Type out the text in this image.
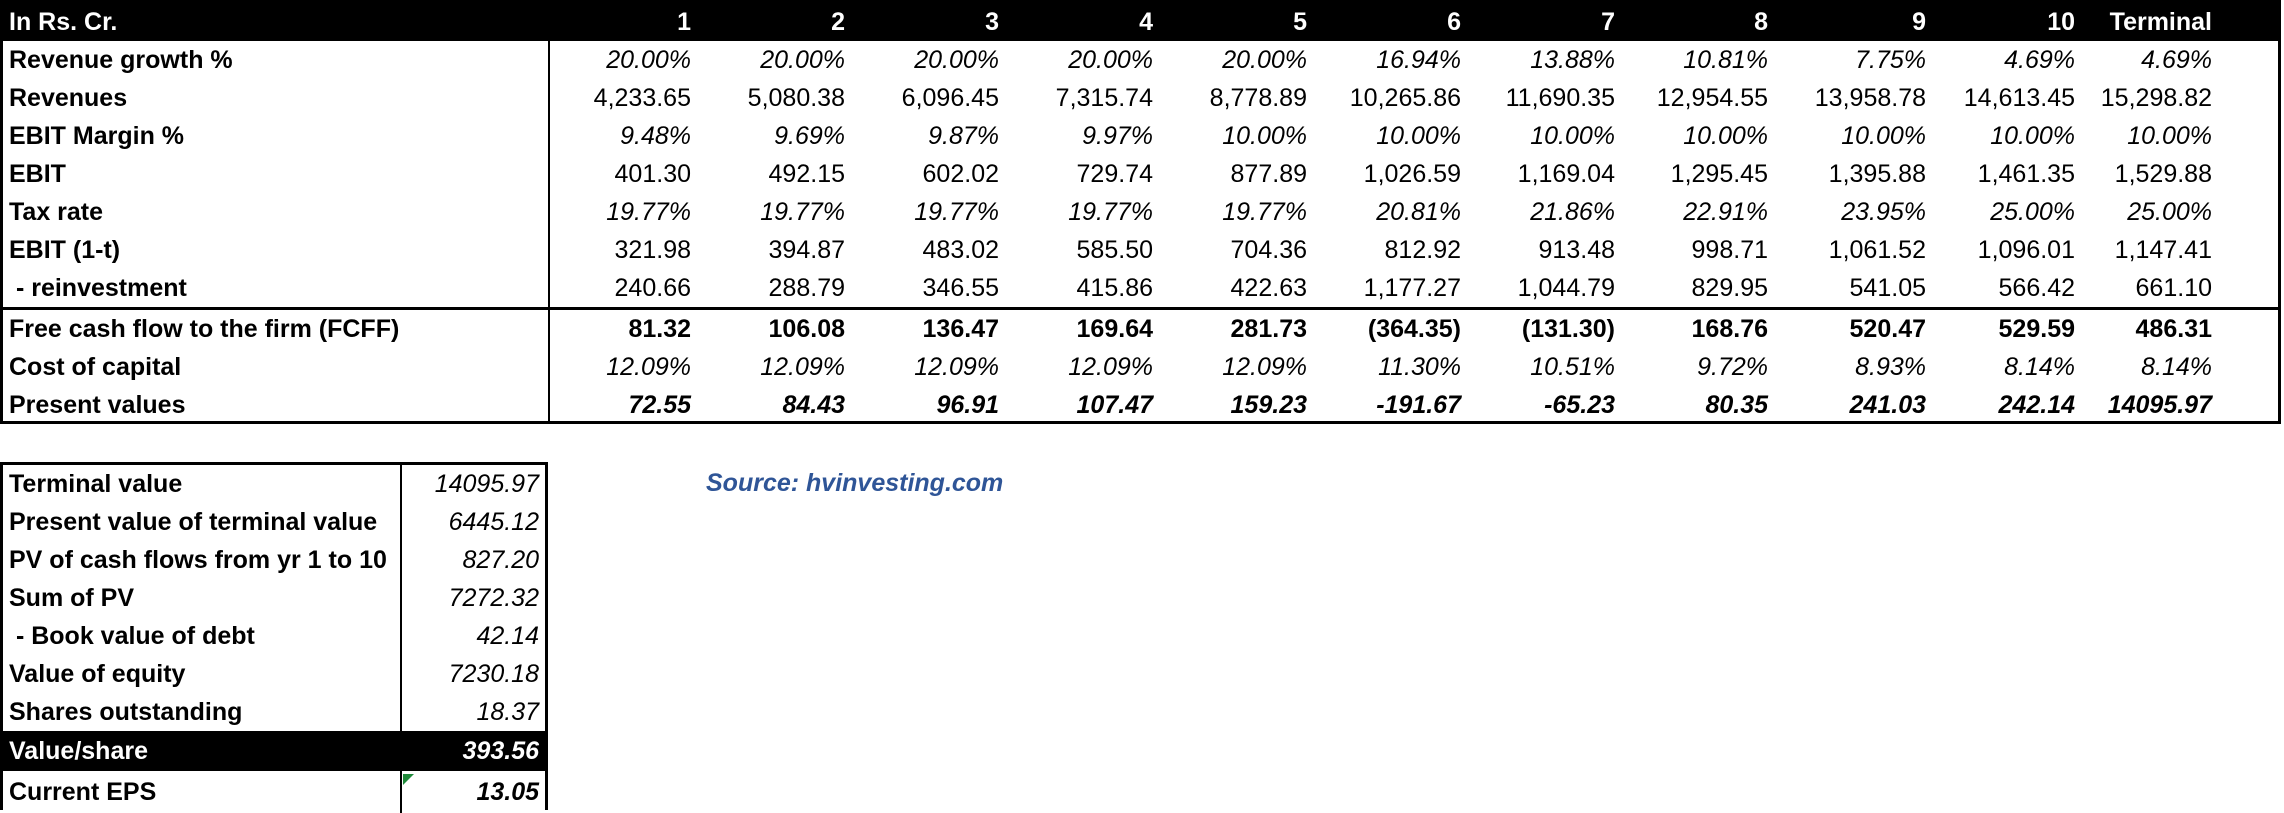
In Rs. Cr.	1	2	3	4	5	6	7	8	9	10	Terminal
Revenue growth %	20.00%	20.00%	20.00%	20.00%	20.00%	16.94%	13.88%	10.81%	7.75%	4.69%	4.69%
Revenues	4,233.65	5,080.38	6,096.45	7,315.74	8,778.89	10,265.86	11,690.35	12,954.55	13,958.78	14,613.45	15,298.82
EBIT Margin %	9.48%	9.69%	9.87%	9.97%	10.00%	10.00%	10.00%	10.00%	10.00%	10.00%	10.00%
EBIT	401.30	492.15	602.02	729.74	877.89	1,026.59	1,169.04	1,295.45	1,395.88	1,461.35	1,529.88
Tax rate	19.77%	19.77%	19.77%	19.77%	19.77%	20.81%	21.86%	22.91%	23.95%	25.00%	25.00%
EBIT (1-t)	321.98	394.87	483.02	585.50	704.36	812.92	913.48	998.71	1,061.52	1,096.01	1,147.41
- reinvestment	240.66	288.79	346.55	415.86	422.63	1,177.27	1,044.79	829.95	541.05	566.42	661.10
Free cash flow to the firm (FCFF)	81.32	106.08	136.47	169.64	281.73	(364.35)	(131.30)	168.76	520.47	529.59	486.31
Cost of capital	12.09%	12.09%	12.09%	12.09%	12.09%	11.30%	10.51%	9.72%	8.93%	8.14%	8.14%
Present values	72.55	84.43	96.91	107.47	159.23	-191.67	-65.23	80.35	241.03	242.14	14095.97
Terminal value	14095.97
Present value of terminal value	6445.12
PV of cash flows from yr 1 to 10	827.20
Sum of PV	7272.32
- Book value of debt	42.14
Value of equity	7230.18
Shares outstanding	18.37
Value/share	393.56
Current EPS	13.05
Source: hvinvesting.com
